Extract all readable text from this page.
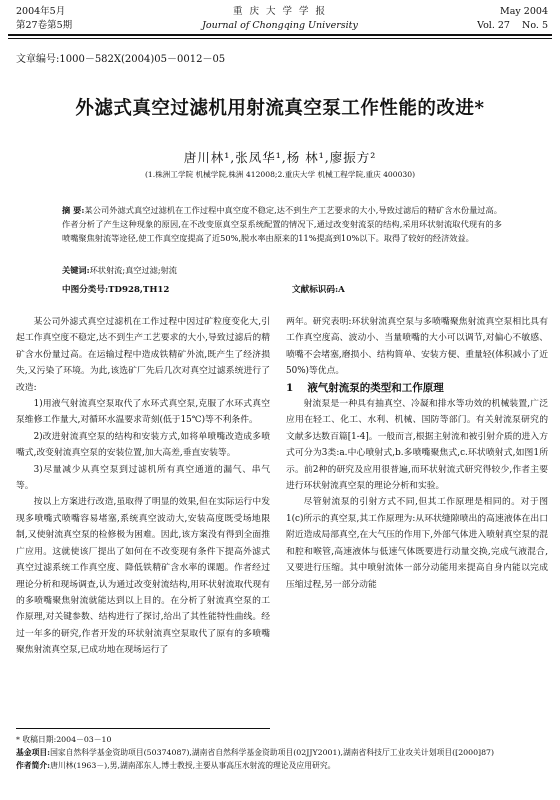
2004年5月	重 庆 大 学 学 报	May 2004
第27卷第5期	Journal of Chongqing University	Vol. 27    No. 5
文章编号:1000－582X(2004)05－0012－05
外滤式真空过滤机用射流真空泵工作性能的改进*
唐川林¹,张凤华¹,杨 林¹,廖振方²
(1.株洲工学院 机械学院,株洲 412008;2.重庆大学 机械工程学院,重庆 400030)
摘 要:某公司外滤式真空过滤机在工作过程中真空度不稳定,达不到生产工艺要求的大小,导致过滤后的精矿含水份量过高。作者分析了产生这种现象的原因,在不改变原真空泵系统配置的情况下,通过改变射流泵的结构,采用环状射流取代现有的多喷嘴聚焦射流等途径,使工作真空度提高了近50%,脱水率由原来的11%提高到10%以下。取得了较好的经济效益。
关键词:环状射流;真空过滤;射流
中图分类号:TD928,TH12	文献标识码:A

某公司外滤式真空过滤机在工作过程中因过矿粒度变化大,引起工作真空度不稳定,达不到生产工艺要求的大小,导致过滤后的精矿含水份量过高。在运输过程中造成铁精矿外流,既产生了经济损失,又污染了环境。为此,该选矿厂先后几次对真空过滤系统进行了改造:

1)用液气射流真空泵取代了水环式真空泵,克服了水环式真空泵维修工作量大,对循环水温要求苛刻(低于15℃)等不利条件。

2)改进射流真空泵的结构和安装方式,如将单喷嘴改造成多喷嘴式,改变射流真空泵的安装位置,加大高差,垂直安装等。

3)尽量减少从真空泵到过滤机所有真空通道的漏气、串气等。

按以上方案进行改造,虽取得了明显的效果,但在实际运行中发现多喷嘴式喷嘴容易堵塞,系统真空波动大,安装高度既受场地限制,又使射流真空泵的检修极为困难。因此,该方案没有得到全面推广应用。这就使该厂提出了如何在不改变现有条件下提高外滤式真空过滤系统工作真空度、降低铁精矿含水率的课题。作者经过理论分析和现场调查,认为通过改变射流结构,用环状射流取代现有的多喷嘴聚焦射流就能达到以上目的。在分析了射流真空泵的工作原理,对关键参数、结构进行了探讨,给出了其性能特性曲线。经过一年多的研究,作者开发的环状射流真空泵取代了原有的多喷嘴聚焦射流真空泵,已成功地在现场运行了

两年。研究表明:环状射流真空泵与多喷嘴聚焦射流真空泵相比具有工作真空度高、波动小、当量喷嘴的大小可以调节,对偏心不敏感、喷嘴不会堵塞,磨损小、结构简单、安装方便、重量轻(体积减小了近50%)等优点。

1 液气射流泵的类型和工作原理

射流泵是一种具有抽真空、冷凝和排水等功效的机械装置,广泛应用在轻工、化工、水利、机械、国防等部门。有关射流泵研究的文献多达数百篇[1-4]。一般而言,根据主射流和被引射介质的进入方式可分为3类:a.中心喷射式,b.多喷嘴聚焦式,c.环状喷射式,如图1所示。前2种的研究及应用很普遍,而环状射流式研究得较少,作者主要进行环状射流真空泵的理论分析和实验。

尽管射流泵的引射方式不同,但其工作原理是相同的。对于图1(c)所示的真空泵,其工作原理为:从环状缝隙喷出的高速液体在出口附近造成局部真空,在大气压的作用下,外部气体进入喷射真空泵的混和腔和喉管,高速液体与低速气体既要进行动量交换,完成气液混合,又要进行压缩。其中喷射流体一部分动能用来提高自身内能以完成压缩过程,另一部分动能

* 收稿日期:2004－03－10
基金项目:国家自然科学基金资助项目(50374087),湖南省自然科学基金资助项目(02JJY2001),湖南省科技厅工业攻关计划项目([2000]87)
作者简介:唐川林(1963－),男,湖南邵东人,博士教授,主要从事高压水射流的理论及应用研究。
